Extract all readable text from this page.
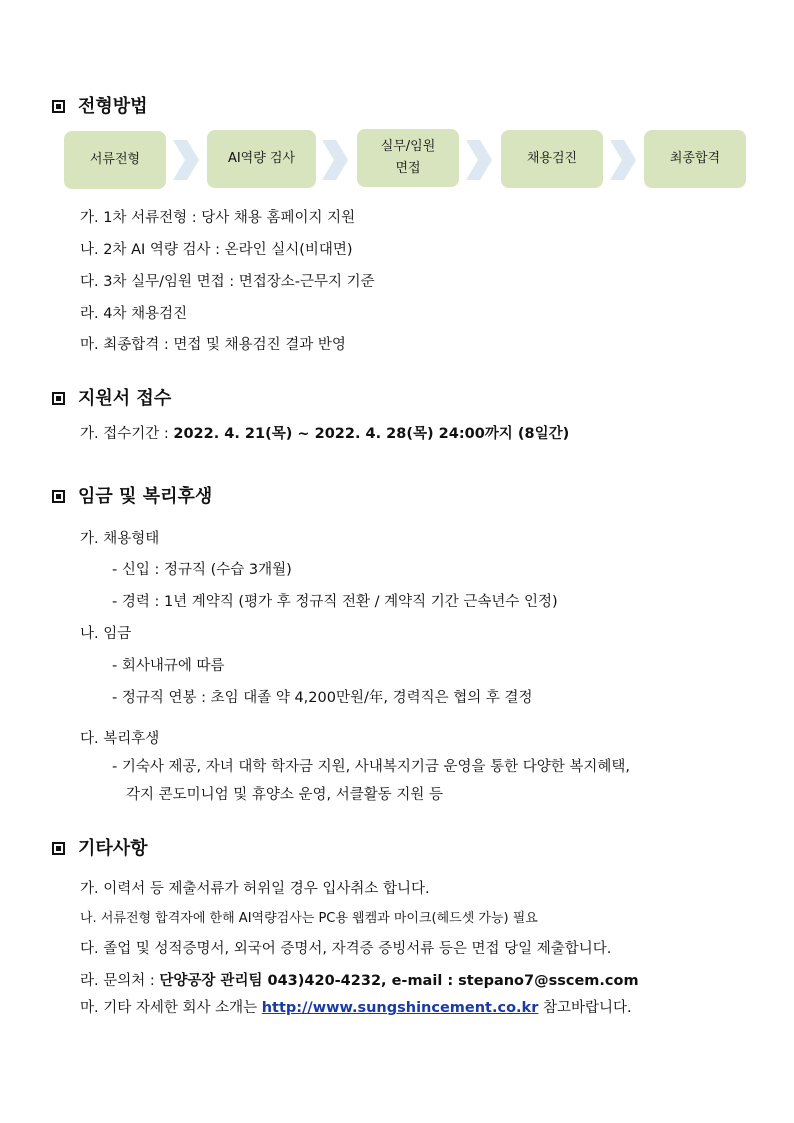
전형방법
서류전형	AI역량 검사
실무/임원
면접
채용검진	최종합격
가. 1차 서류전형 : 당사 채용 홈페이지 지원
나. 2차 AI 역량 검사 : 온라인 실시(비대면)
다. 3차 실무/임원 면접 : 면접장소-근무지 기준
라. 4차 채용검진
마. 최종합격 : 면접 및 채용검진 결과 반영
지원서 접수
가. 접수기간 : 2022. 4. 21(목) ~ 2022. 4. 28(목) 24:00까지 (8일간)
임금 및 복리후생
가. 채용형태
- 신입 : 정규직 (수습 3개월)
- 경력 : 1년 계약직 (평가 후 정규직 전환 / 계약직 기간 근속년수 인정)
나. 임금
- 회사내규에 따름
- 정규직 연봉 : 초임 대졸 약 4,200만원/年, 경력직은 협의 후 결정
다. 복리후생
- 기숙사 제공, 자녀 대학 학자금 지원, 사내복지기금 운영을 통한 다양한 복지혜택,
각지 콘도미니엄 및 휴양소 운영, 서클활동 지원 등
기타사항
가. 이력서 등 제출서류가 허위일 경우 입사취소 합니다.
나. 서류전형 합격자에 한해 AI역량검사는 PC용 웹켐과 마이크(헤드셋 가능) 필요
다. 졸업 및 성적증명서, 외국어 증명서, 자격증 증빙서류 등은 면접 당일 제출합니다.
라. 문의처 : 단양공장 관리팀 043)420-4232, e-mail : stepano7@sscem.com
마. 기타 자세한 회사 소개는 http://www.sungshincement.co.kr 참고바랍니다.
